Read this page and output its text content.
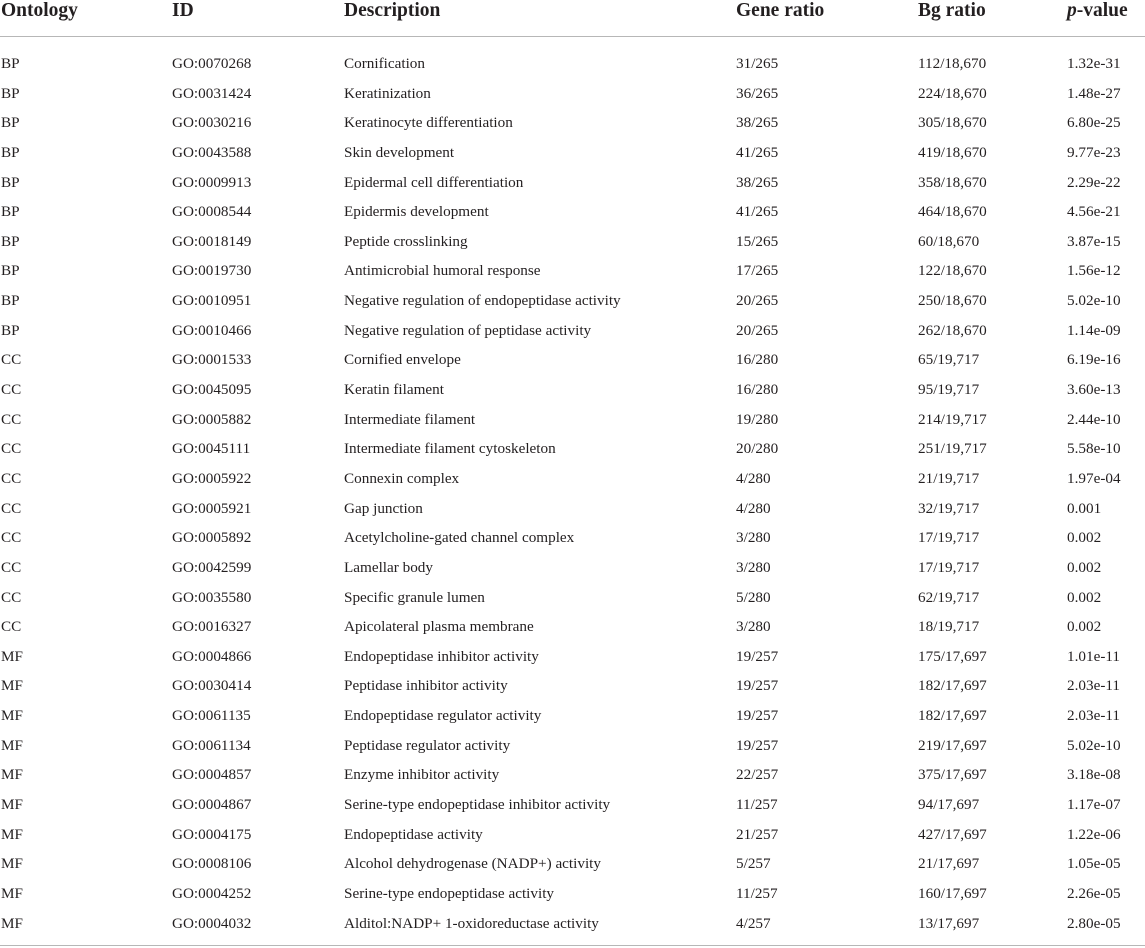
Ontology	ID	Description	Gene ratio	Bg ratio	p-value
BP	GO:0070268	Cornification	31/265	112/18,670	1.32e-31
BP	GO:0031424	Keratinization	36/265	224/18,670	1.48e-27
BP	GO:0030216	Keratinocyte differentiation	38/265	305/18,670	6.80e-25
BP	GO:0043588	Skin development	41/265	419/18,670	9.77e-23
BP	GO:0009913	Epidermal cell differentiation	38/265	358/18,670	2.29e-22
BP	GO:0008544	Epidermis development	41/265	464/18,670	4.56e-21
BP	GO:0018149	Peptide crosslinking	15/265	60/18,670	3.87e-15
BP	GO:0019730	Antimicrobial humoral response	17/265	122/18,670	1.56e-12
BP	GO:0010951	Negative regulation of endopeptidase activity	20/265	250/18,670	5.02e-10
BP	GO:0010466	Negative regulation of peptidase activity	20/265	262/18,670	1.14e-09
CC	GO:0001533	Cornified envelope	16/280	65/19,717	6.19e-16
CC	GO:0045095	Keratin filament	16/280	95/19,717	3.60e-13
CC	GO:0005882	Intermediate filament	19/280	214/19,717	2.44e-10
CC	GO:0045111	Intermediate filament cytoskeleton	20/280	251/19,717	5.58e-10
CC	GO:0005922	Connexin complex	4/280	21/19,717	1.97e-04
CC	GO:0005921	Gap junction	4/280	32/19,717	0.001
CC	GO:0005892	Acetylcholine-gated channel complex	3/280	17/19,717	0.002
CC	GO:0042599	Lamellar body	3/280	17/19,717	0.002
CC	GO:0035580	Specific granule lumen	5/280	62/19,717	0.002
CC	GO:0016327	Apicolateral plasma membrane	3/280	18/19,717	0.002
MF	GO:0004866	Endopeptidase inhibitor activity	19/257	175/17,697	1.01e-11
MF	GO:0030414	Peptidase inhibitor activity	19/257	182/17,697	2.03e-11
MF	GO:0061135	Endopeptidase regulator activity	19/257	182/17,697	2.03e-11
MF	GO:0061134	Peptidase regulator activity	19/257	219/17,697	5.02e-10
MF	GO:0004857	Enzyme inhibitor activity	22/257	375/17,697	3.18e-08
MF	GO:0004867	Serine-type endopeptidase inhibitor activity	11/257	94/17,697	1.17e-07
MF	GO:0004175	Endopeptidase activity	21/257	427/17,697	1.22e-06
MF	GO:0008106	Alcohol dehydrogenase (NADP+) activity	5/257	21/17,697	1.05e-05
MF	GO:0004252	Serine-type endopeptidase activity	11/257	160/17,697	2.26e-05
MF	GO:0004032	Alditol:NADP+ 1-oxidoreductase activity	4/257	13/17,697	2.80e-05
